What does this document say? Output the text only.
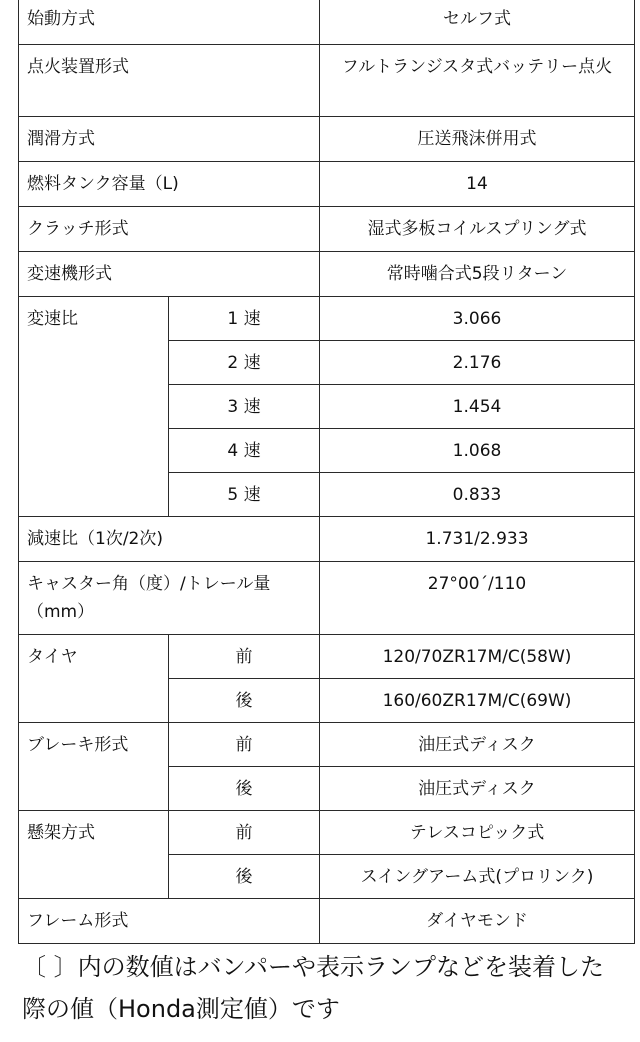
始動方式		セルフ式
点火装置形式		フルトランジスタ式バッテリー点火
潤滑方式		圧送飛沫併用式
燃料タンク容量（L)		14
クラッチ形式		湿式多板コイルスプリング式
変速機形式		常時噛合式5段リターン
変速比	1 速	3.066
	2 速	2.176
	3 速	1.454
	4 速	1.068
	5 速	0.833
減速比（1次/2次)		1.731/2.933
キャスター角（度）/トレール量（mm）		27°00´/110
タイヤ	前	120/70ZR17M/C(58W)
	後	160/60ZR17M/C(69W)
ブレーキ形式	前	油圧式ディスク
	後	油圧式ディスク
懸架方式	前	テレスコピック式
	後	スイングアーム式(プロリンク)
フレーム形式		ダイヤモンド
〔 〕内の数値はバンパーや表示ランプなどを装着した際の値（Honda測定値）です
